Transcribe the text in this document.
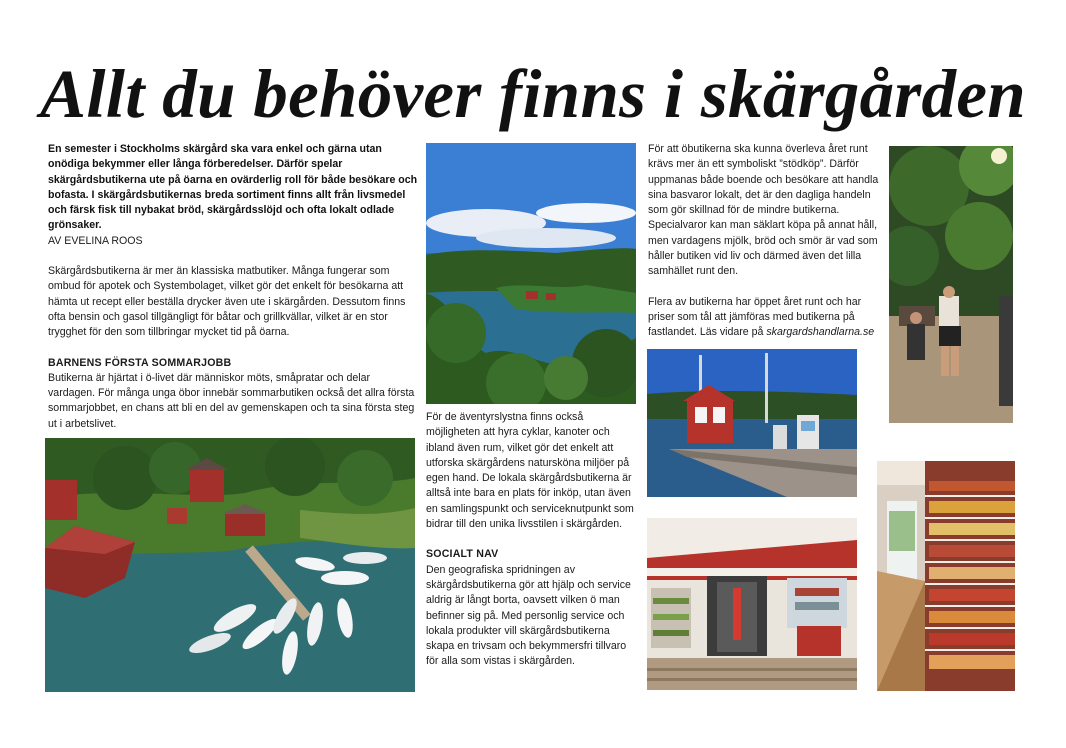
Allt du behöver finns i skärgården

En semester i Stockholms skärgård ska vara enkel och gärna utan onödiga bekymmer eller långa förberedelser. Därför spelar skärgårdsbutikerna ute på öarna en ovärderlig roll för både besökare och bofasta. I skärgårdsbutikernas breda sortiment finns allt från livsmedel och färsk fisk till nybakat bröd, skärgårdsslöjd och ofta lokalt odlade grönsaker.

AV EVELINA ROOS

Skärgårdsbutikerna är mer än klassiska matbutiker. Många fungerar som ombud för apotek och Systembolaget, vilket gör det enkelt för besökarna att hämta ut recept eller beställa drycker även ute i skärgården. Dessutom finns ofta bensin och gasol tillgängligt för båtar och grillkvällar, vilket är en stor trygghet för den som tillbringar mycket tid på öarna.

BARNENS FÖRSTA SOMMARJOBB

Butikerna är hjärtat i ö-livet där människor möts, småpratar och delar vardagen. För många unga öbor innebär sommarbutiken också det allra första sommarjobbet, en chans att bli en del av gemenskapen och ta sina första steg ut i arbetslivet.

För de äventyrslystna finns också möjligheten att hyra cyklar, kanoter och ibland även rum, vilket gör det enkelt att utforska skärgårdens natursköna miljöer på egen hand. De lokala skärgårdsbutikerna är alltså inte bara en plats för inköp, utan även en samlingspunkt och serviceknutpunkt som bidrar till den unika livsstilen i skärgården.

SOCIALT NAV

Den geografiska spridningen av skärgårdsbutikerna gör att hjälp och service aldrig är långt borta, oavsett vilken ö man befinner sig på. Med personlig service och lokala produkter vill skärgårdsbutikerna skapa en trivsam och bekymmersfri tillvaro för alla som vistas i skärgården.

För att öbutikerna ska kunna överleva året runt krävs mer än ett symboliskt ”stödköp”. Därför uppmanas både boende och besökare att handla sina basvaror lokalt, det är den dagliga handeln som gör skillnad för de mindre butikerna. Specialvaror kan man säklart köpa på annat håll, men vardagens mjölk, bröd och smör är vad som håller butiken vid liv och därmed även det lilla samhället runt den.

Flera av butikerna har öppet året runt och har priser som tål att jämföras med butikerna på fastlandet. Läs vidare på skargardshandlarna.se
